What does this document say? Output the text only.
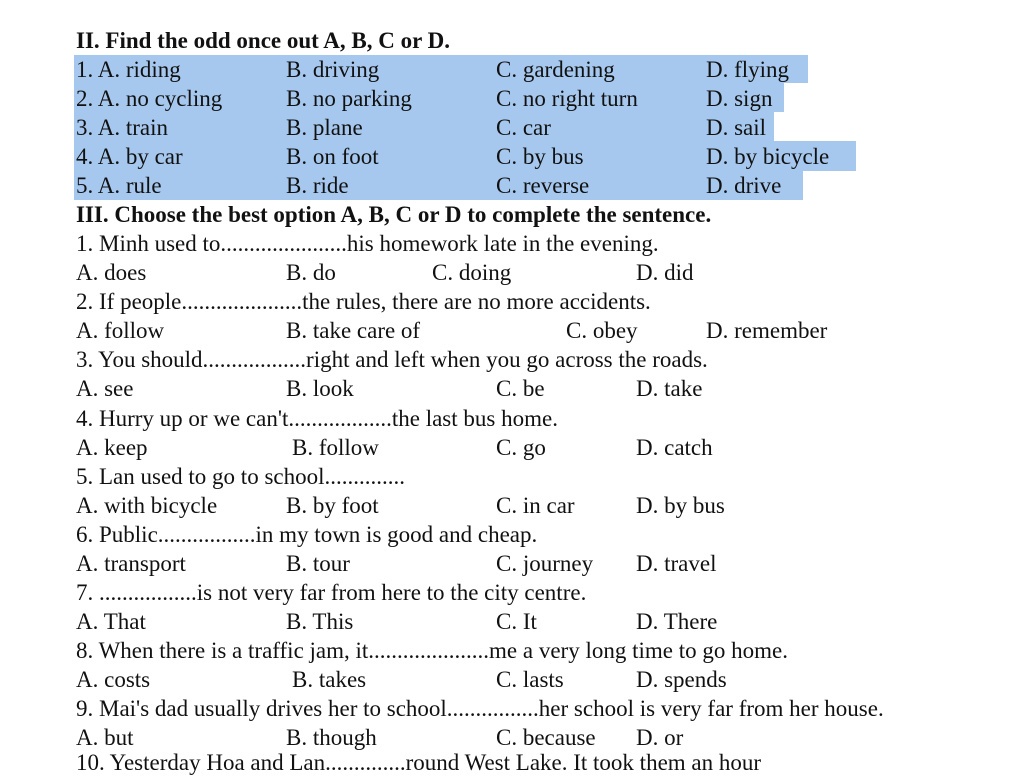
II. Find the odd once out A, B, C or D.
1. A. riding	B. driving	C. gardening	D. flying
2. A. no cycling	B. no parking	C. no right turn	D. sign
3. A. train	B. plane	C. car	D. sail
4. A. by car	B. on foot	C. by bus	D. by bicycle
5. A. rule	B. ride	C. reverse	D. drive
III. Choose the best option A, B, C or D to complete the sentence.
1. Minh used to......................his homework late in the evening.
A. does	B. do	C. doing	D. did
2. If people.....................the rules, there are no more accidents.
A. follow	B. take care of	C. obey	D. remember
3. You should..................right and left when you go across the roads.
A. see	B. look	C. be	D. take
4. Hurry up or we can't..................the last bus home.
A. keep	B. follow	C. go	D. catch
5. Lan used to go to school..............
A. with bicycle	B. by foot	C. in car	D. by bus
6. Public.................in my town is good and cheap.
A. transport	B. tour	C. journey D. travel
7. .................is not very far from here to the city centre.
A. That	B. This	C. It	D. There
8. When there is a traffic jam, it.....................me a very long time to go home.
A. costs	B. takes	C. lasts	D. spends
9. Mai's dad usually drives her to school................her school is very far from her house.
A. but	B. though	C. because D. or
10. Yesterday Hoa and Lan..............round West Lake. It took them an hour
